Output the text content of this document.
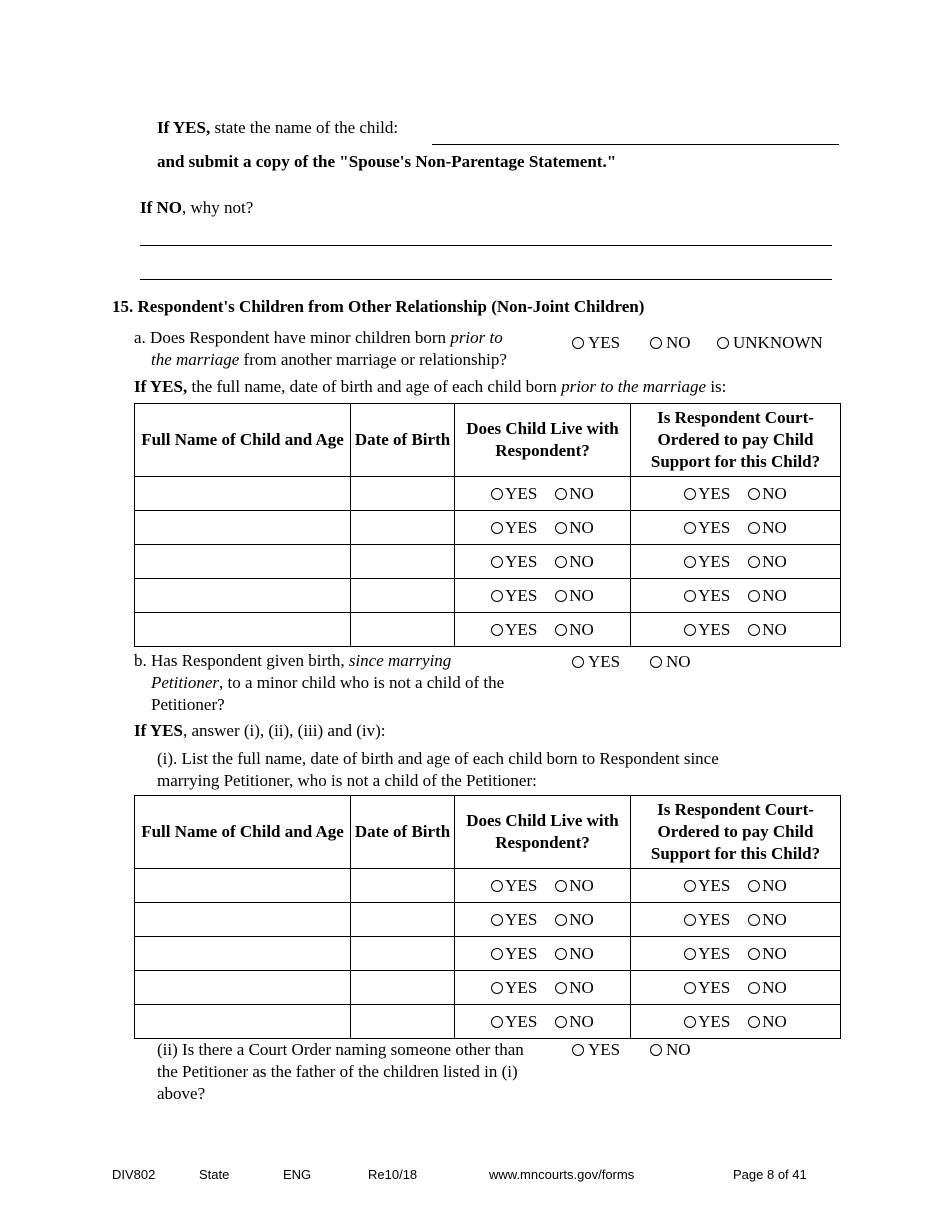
If YES, state the name of the child:
and submit a copy of the "Spouse's Non-Parentage Statement."
If NO, why not?
15. Respondent's Children from Other Relationship (Non-Joint Children)
a. Does Respondent have minor children born prior to
the marriage from another marriage or relationship?
YES	NO	UNKNOWN
If YES, the full name, date of birth and age of each child born prior to the marriage is:
Full Name of Child and Age	Date of Birth	Does Child Live with Respondent?	Is Respondent Court-Ordered to pay Child Support for this Child?

		YES NO	YES NO

		YES NO	YES NO

		YES NO	YES NO

		YES NO	YES NO

		YES NO	YES NO
b. Has Respondent given birth, since marrying
Petitioner, to a minor child who is not a child of the
Petitioner?
YES	NO
If YES, answer (i), (ii), (iii) and (iv):
(i). List the full name, date of birth and age of each child born to Respondent since
marrying Petitioner, who is not a child of the Petitioner:
Full Name of Child and Age	Date of Birth	Does Child Live with Respondent?	Is Respondent Court-Ordered to pay Child Support for this Child?

		YES NO	YES NO

		YES NO	YES NO

		YES NO	YES NO

		YES NO	YES NO

		YES NO	YES NO
(ii) Is there a Court Order naming someone other than
the Petitioner as the father of the children listed in (i)
above?
YES	NO
DIV802	State	ENG	Re10/18	www.mncourts.gov/forms	Page 8 of 41
